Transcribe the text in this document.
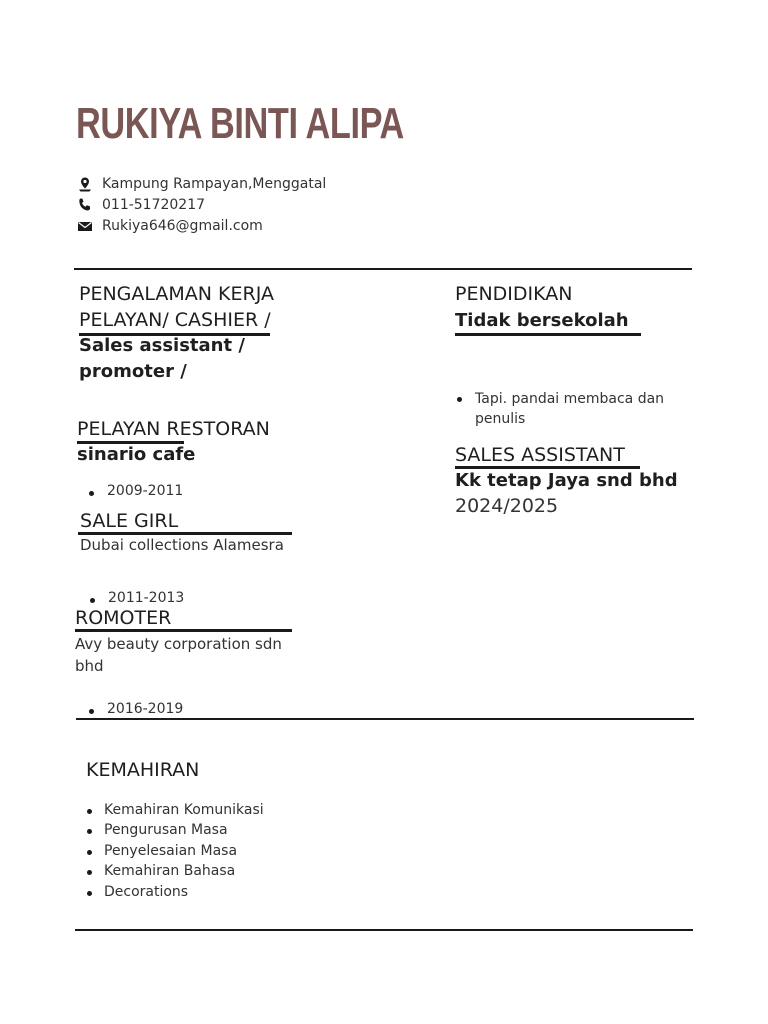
RUKIYA BINTI ALIPA
Kampung Rampayan,Menggatal
011-51720217
Rukiya646@gmail.com
PENGALAMAN KERJA
PELAYAN/ CASHIER /
Sales assistant /
promoter /
PELAYAN RESTORAN
sinario cafe
2009-2011
SALE GIRL
Dubai collections Alamesra
2011-2013
ROMOTER
Avy beauty corporation sdn bhd
2016-2019
PENDIDIKAN
Tidak bersekolah
Tapi. pandai membaca dan penulis
SALES ASSISTANT
Kk tetap Jaya snd bhd
2024/2025
KEMAHIRAN
Kemahiran Komunikasi
Pengurusan Masa
Penyelesaian Masa
Kemahiran Bahasa
Decorations
